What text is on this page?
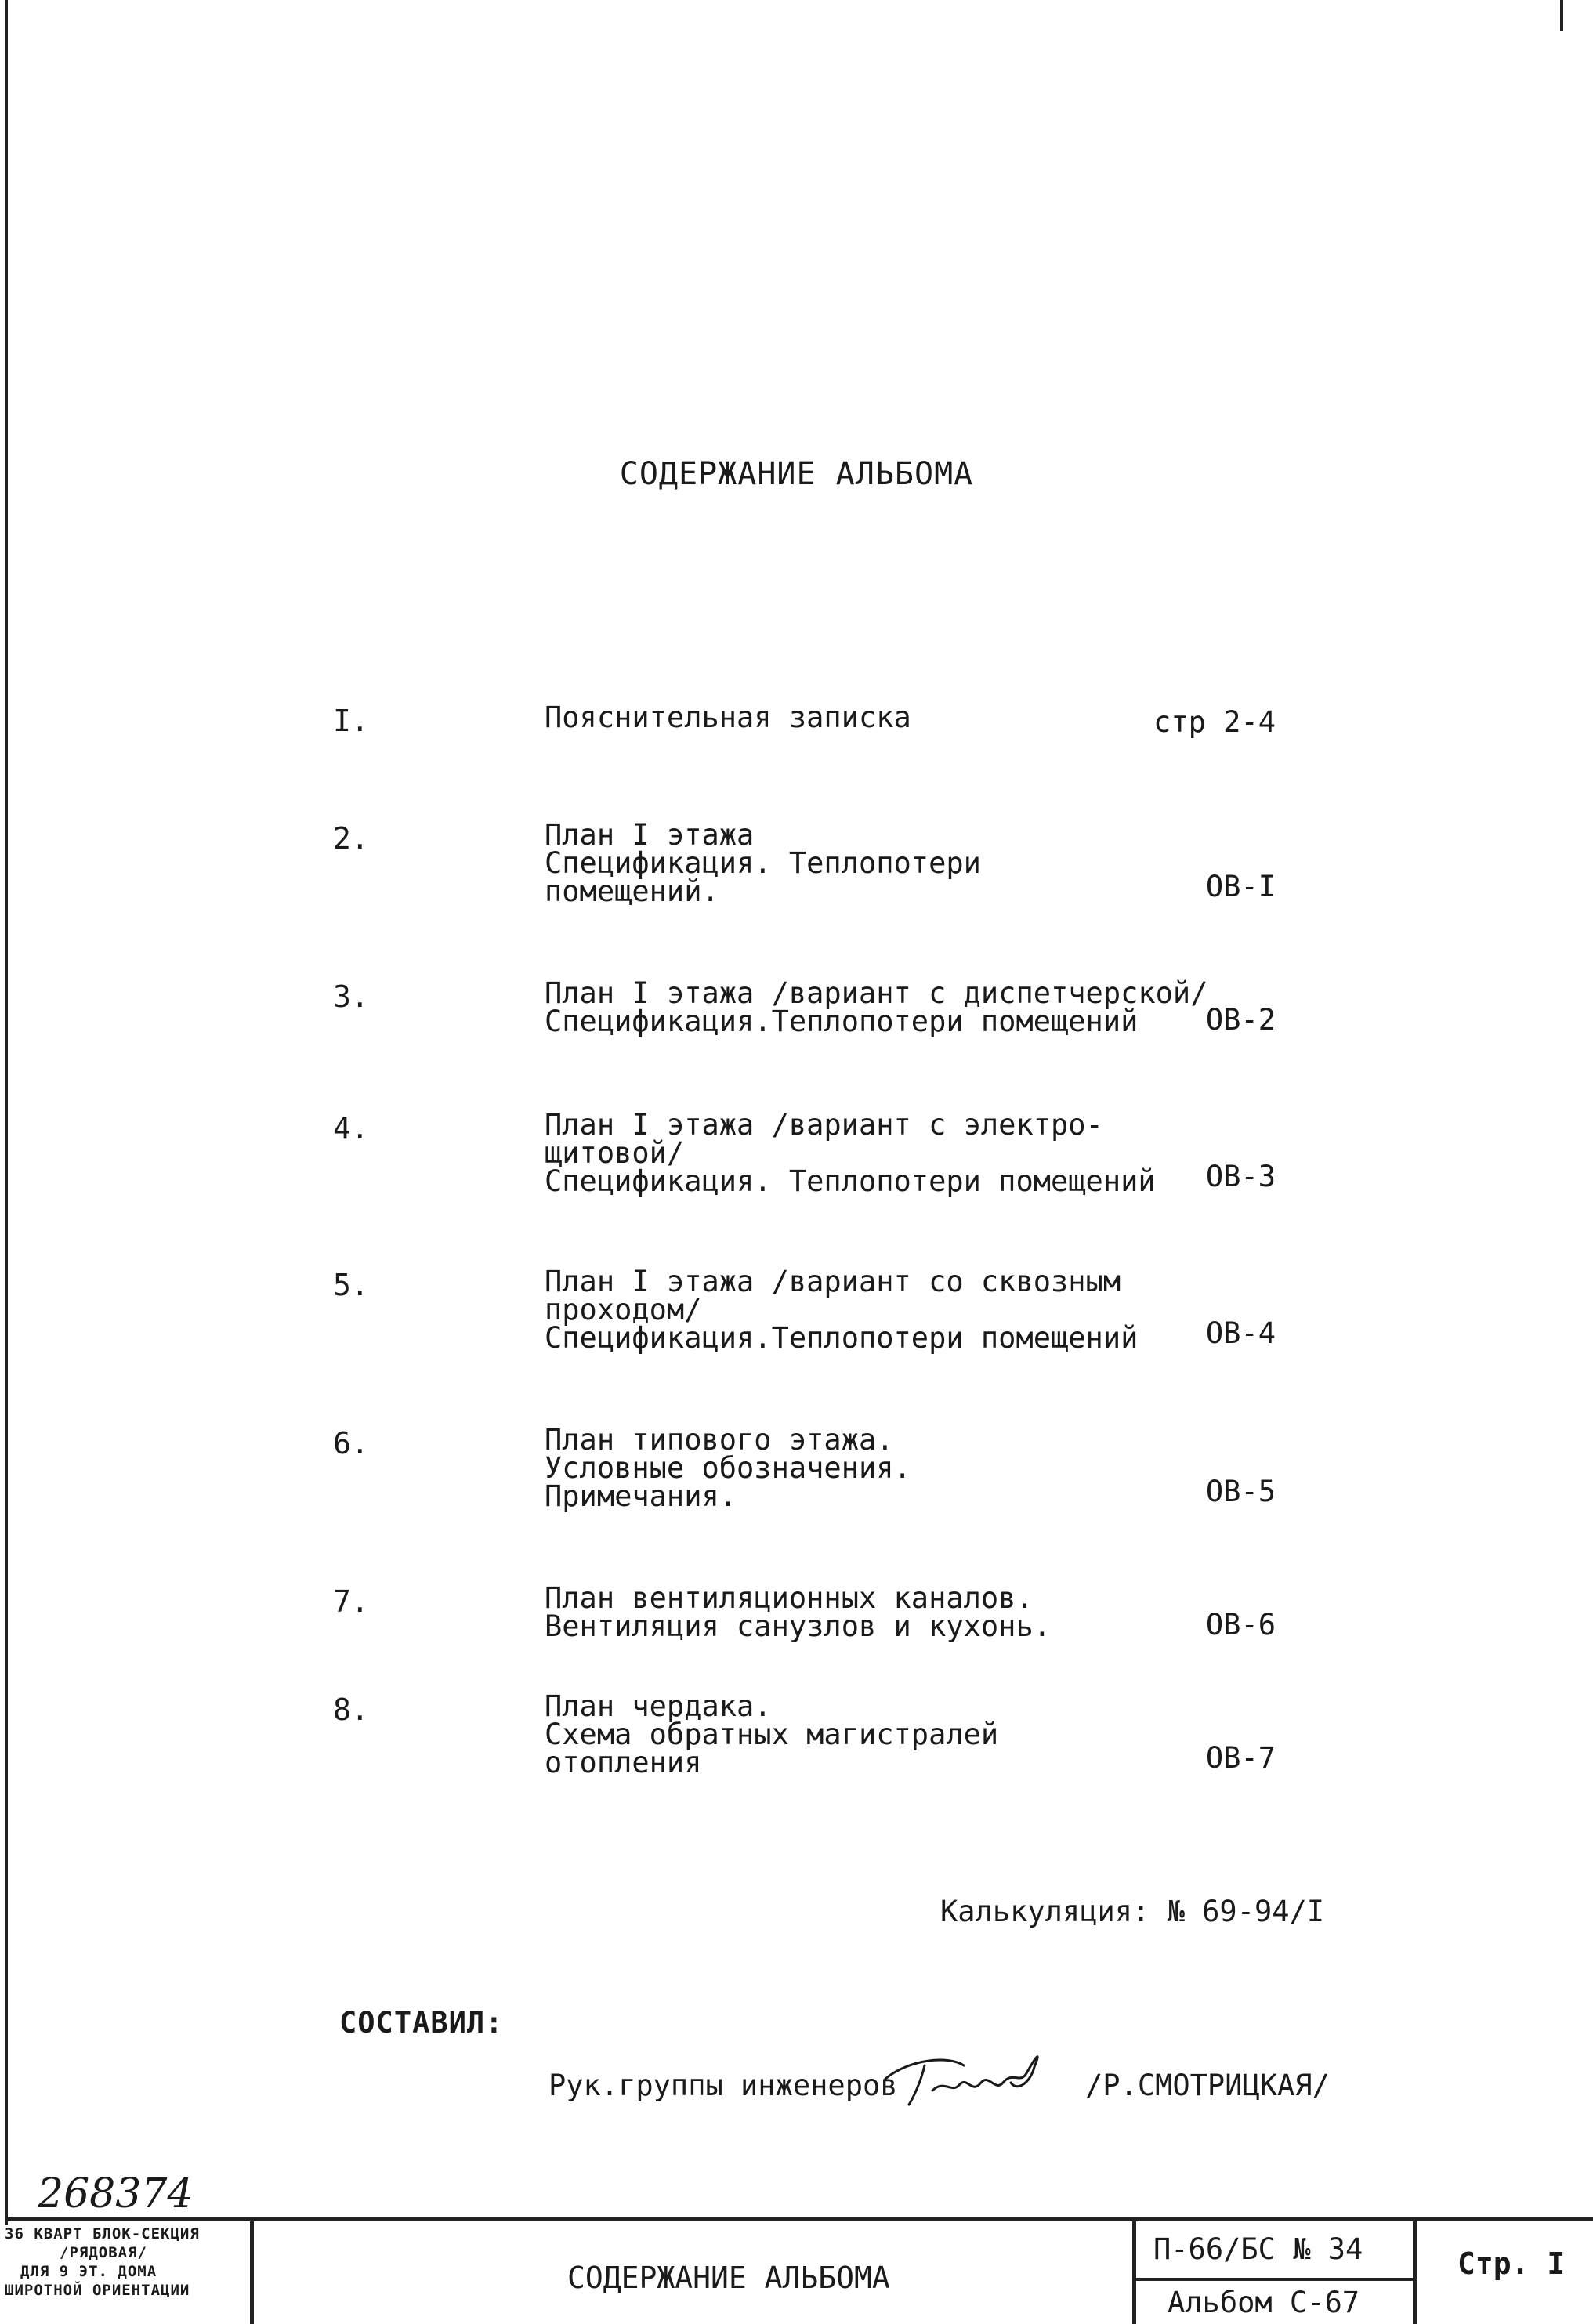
СОДЕРЖАНИЕ АЛЬБОМА
I.	Пояснительная записка	стр 2-4
2.	План I этажа
Спецификация. Теплопотери
помещений.	ОВ-I
3.	План I этажа /вариант с диспетчерской/
Спецификация.Теплопотери помещений	ОВ-2
4.	План I этажа /вариант с электро-
щитовой/
Спецификация. Теплопотери помещений	ОВ-3
5.	План I этажа /вариант со сквозным
проходом/
Спецификация.Теплопотери помещений	ОВ-4
6.	План типового этажа.
Условные обозначения.
Примечания.	ОВ-5
7.	План вентиляционных каналов.
Вентиляция санузлов и кухонь.	ОВ-6
8.	План чердака.
Схема обратных магистралей
отопления	ОВ-7
Калькуляция: № 69-94/I
СОСТАВИЛ:
Рук.группы инженеров	/Р.СМОТРИЦКАЯ/
268374
36 КВАРТ БЛОК-СЕКЦИЯ
/РЯДОВАЯ/
ДЛЯ 9 ЭТ. ДОМА
ШИРОТНОЙ ОРИЕНТАЦИИ	СОДЕРЖАНИЕ АЛЬБОМА
П-66/БС № 34
Альбом С-67
Стр. I
